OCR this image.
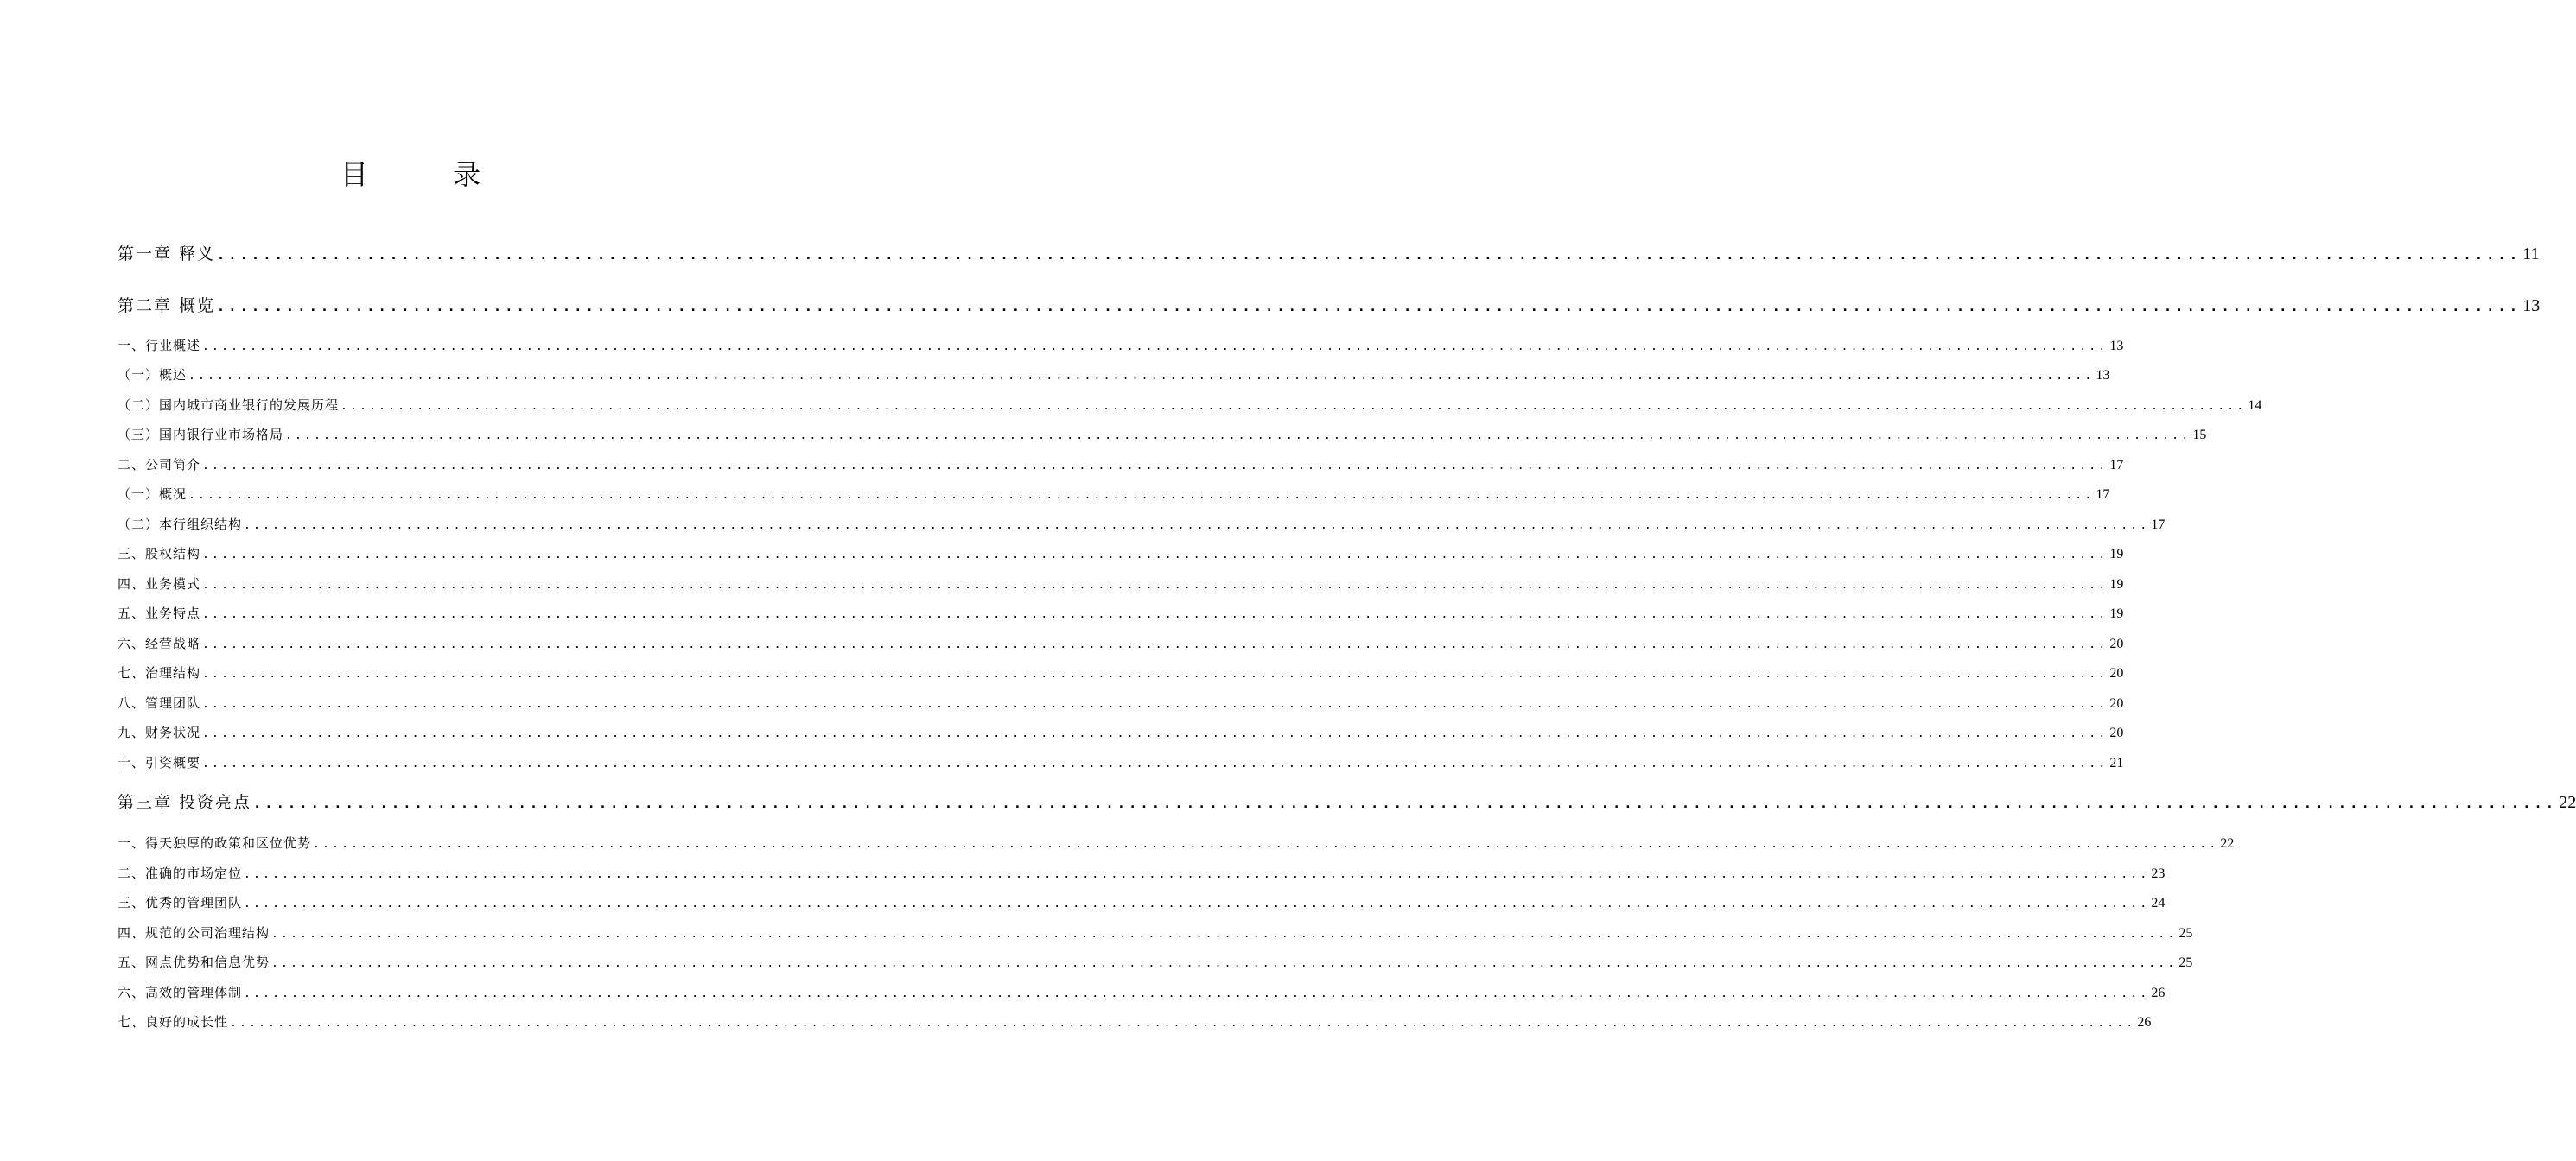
目 录
第一章 释义 ........................................................................................................................................................................................................ 11
第二章 概览 ........................................................................................................................................................................................................ 13
一、行业概述 ........................................................................................................................................................................................................ 13
（一）概述 ........................................................................................................................................................................................................ 13
（二）国内城市商业银行的发展历程 ........................................................................................................................................................................................................ 14
（三）国内银行业市场格局 ........................................................................................................................................................................................................ 15
二、公司简介 ........................................................................................................................................................................................................ 17
（一）概况 ........................................................................................................................................................................................................ 17
（二）本行组织结构 ........................................................................................................................................................................................................ 17
三、股权结构 ........................................................................................................................................................................................................ 19
四、业务模式 ........................................................................................................................................................................................................ 19
五、业务特点 ........................................................................................................................................................................................................ 19
六、经营战略 ........................................................................................................................................................................................................ 20
七、治理结构 ........................................................................................................................................................................................................ 20
八、管理团队 ........................................................................................................................................................................................................ 20
九、财务状况 ........................................................................................................................................................................................................ 20
十、引资概要 ........................................................................................................................................................................................................ 21
第三章 投资亮点 ........................................................................................................................................................................................................ 22
一、得天独厚的政策和区位优势 ........................................................................................................................................................................................................ 22
二、准确的市场定位 ........................................................................................................................................................................................................ 23
三、优秀的管理团队 ........................................................................................................................................................................................................ 24
四、规范的公司治理结构 ........................................................................................................................................................................................................ 25
五、网点优势和信息优势 ........................................................................................................................................................................................................ 25
六、高效的管理体制 ........................................................................................................................................................................................................ 26
七、良好的成长性 ........................................................................................................................................................................................................ 26
